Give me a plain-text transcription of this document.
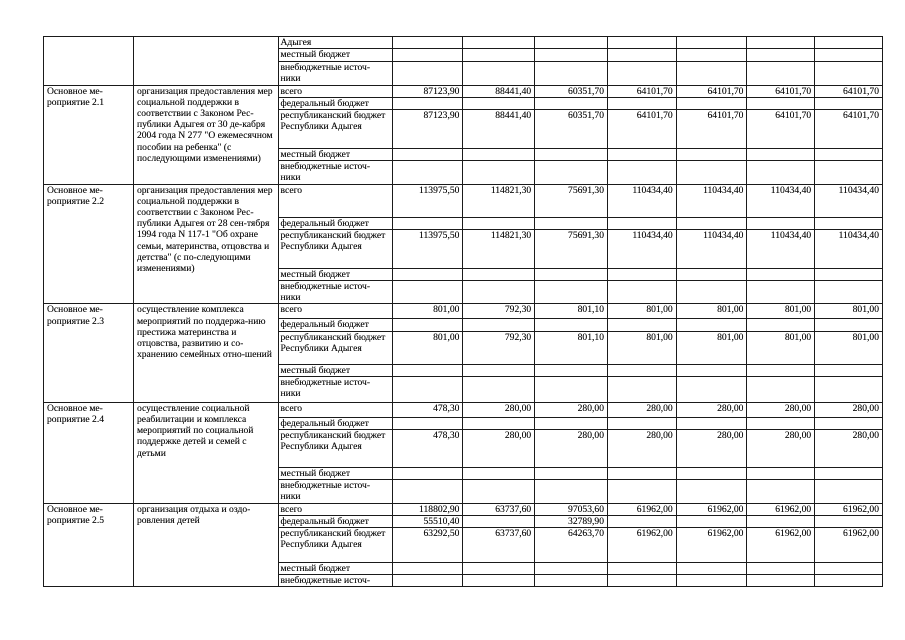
		Адыгея							
		местный бюджет							
		внебюджетные источ-ники							
Основное ме-роприятие 2.1	организация предоставления мер социальной поддержки в соответствии с Законом Рес-публики Адыгея от 30 де-кабря 2004 года N 277 "О ежемесячном пособии на ребенка" (с последующими изменениями)	всего	87123,90	88441,40	60351,70	64101,70	64101,70	64101,70	64101,70
		федеральный бюджет							
		республиканский бюджет Республики Адыгея	87123,90	88441,40	60351,70	64101,70	64101,70	64101,70	64101,70
		местный бюджет							
		внебюджетные источ-ники							
Основное ме-роприятие 2.2	организация предоставления мер социальной поддержки в соответствии с Законом Рес-публики Адыгея от 28 сен-тября 1994 года N 117-1 "Об охране семьи, материнства, отцовства и детства" (с по-следующими изменениями)	всего	113975,50	114821,30	75691,30	110434,40	110434,40	110434,40	110434,40
		федеральный бюджет							
		республиканский бюджет Республики Адыгея	113975,50	114821,30	75691,30	110434,40	110434,40	110434,40	110434,40
		местный бюджет							
		внебюджетные источ-ники							
Основное ме-роприятие 2.3	осуществление комплекса мероприятий по поддержа-нию престижа материнства и отцовства, развитию и со-хранению семейных отно-шений	всего	801,00	792,30	801,10	801,00	801,00	801,00	801,00
		федеральный бюджет							
		республиканский бюджет Республики Адыгея	801,00	792,30	801,10	801,00	801,00	801,00	801,00
		местный бюджет							
		внебюджетные источ-ники							
Основное ме-роприятие 2.4	осуществление социальной реабилитации и комплекса мероприятий по социальной поддержке детей и семей с детьми	всего	478,30	280,00	280,00	280,00	280,00	280,00	280,00
		федеральный бюджет							
		республиканский бюджет Республики Адыгея	478,30	280,00	280,00	280,00	280,00	280,00	280,00
		местный бюджет							
		внебюджетные источ-ники							
Основное ме-роприятие 2.5	организация отдыха и оздо-ровления детей	всего	118802,90	63737,60	97053,60	61962,00	61962,00	61962,00	61962,00
		федеральный бюджет	55510,40		32789,90				
		республиканский бюджет Республики Адыгея	63292,50	63737,60	64263,70	61962,00	61962,00	61962,00	61962,00
		местный бюджет							
		внебюджетные источ-							
